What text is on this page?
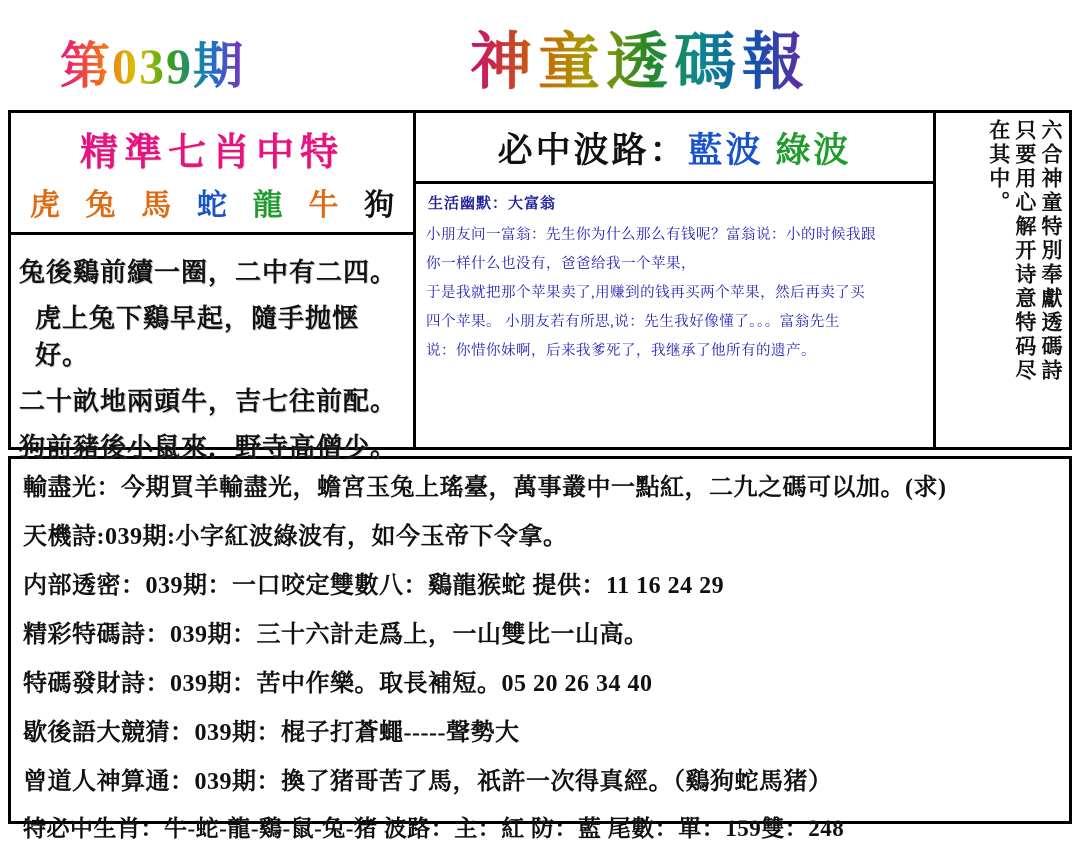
第039期	神童透碼報
精準七肖中特
虎 兔 馬 蛇 龍 牛 狗
兔後鷄前續一圈，二中有二四。
虎上兔下鷄早起，隨手抛惬好。
二十畝地兩頭牛，吉七往前配。
狗前豬後小鼠來．野寺高僧少。
必中波路：藍波 綠波
生活幽默：大富翁

小朋友问一富翁：先生你为什么那么有钱呢？富翁说：小的时候我跟

你一样什么也没有，爸爸给我一个苹果，

于是我就把那个苹果卖了,用赚到的钱再买两个苹果，然后再卖了买

四个苹果。 小朋友若有所思,说：先生我好像懂了。。。富翁先生

说：你惜你妹啊，后来我爹死了，我继承了他所有的遗产。	六合神童特別奉獻透碼詩
只要用心解开诗意特码尽
在其中。
輸盡光：今期買羊輸盡光，蟾宮玉兔上瑤臺，萬事叢中一點紅，二九之碼可以加。(求)
天機詩:039期:小字紅波綠波有，如今玉帝下令拿。
内部透密：039期：一口咬定雙數八：鷄龍猴蛇 提供：11 16 24 29
精彩特碼詩：039期：三十六計走爲上，一山雙比一山高。
特碼發財詩：039期：苦中作樂。取長補短。05 20 26 34 40
歇後語大競猜：039期：棍子打蒼蠅-----聲勢大
曾道人神算通：039期：換了猪哥苦了馬，祇許一次得真經。（鷄狗蛇馬猪）
特必中生肖：牛-蛇-龍-鷄-鼠-兔-猪 波路：主：紅 防：藍 尾數：單：159雙：248
